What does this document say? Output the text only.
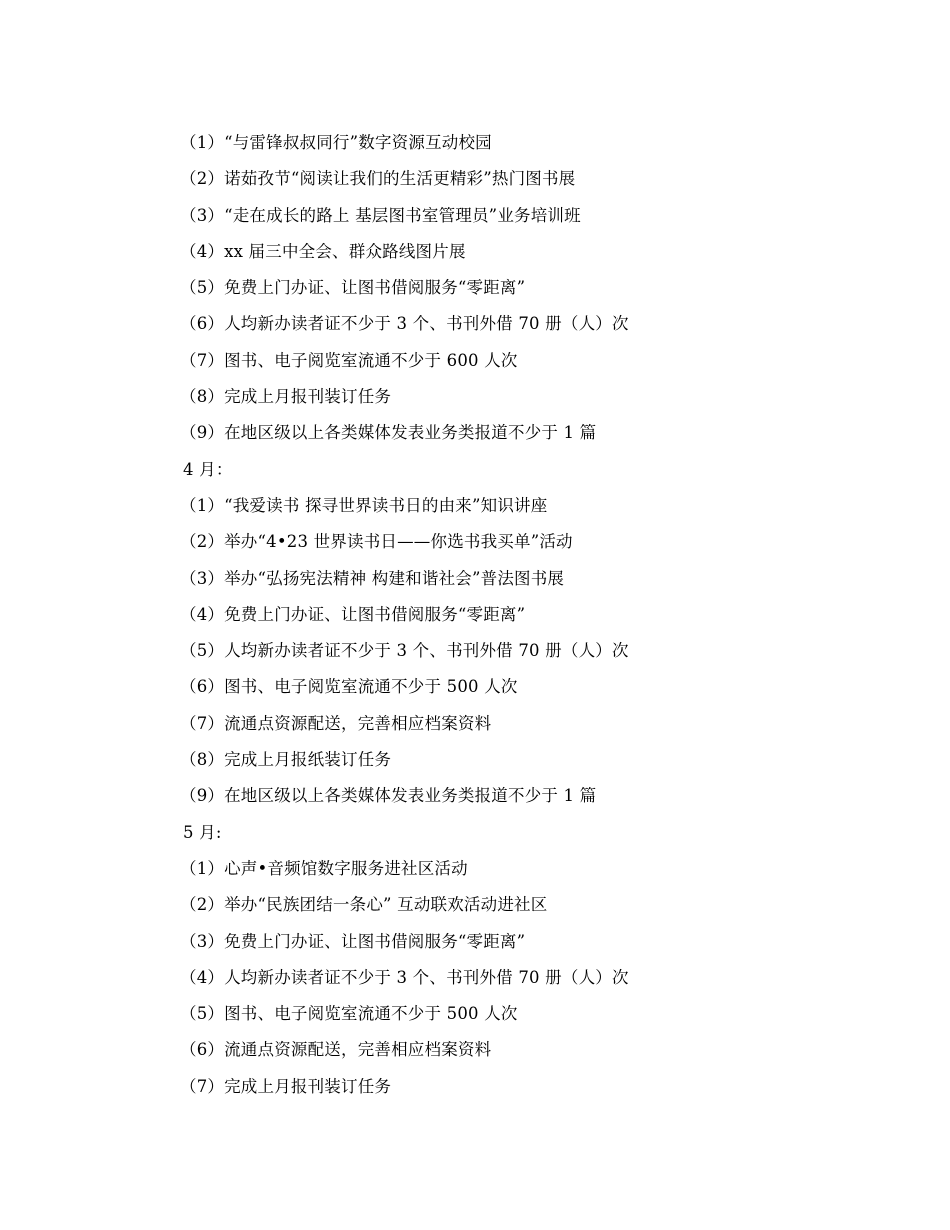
（1）“与雷锋叔叔同行”数字资源互动校园
（2）诺茹孜节“阅读让我们的生活更精彩”热门图书展
（3）“走在成长的路上 基层图书室管理员”业务培训班
（4）xx 届三中全会、群众路线图片展
（5）免费上门办证、让图书借阅服务“零距离”
（6）人均新办读者证不少于 3 个、书刊外借 70 册（人）次
（7）图书、电子阅览室流通不少于 600 人次
（8）完成上月报刊装订任务
（9）在地区级以上各类媒体发表业务类报道不少于 1 篇
4 月：
（1）“我爱读书 探寻世界读书日的由来”知识讲座
（2）举办“4•23 世界读书日——你选书我买单”活动
（3）举办“弘扬宪法精神 构建和谐社会”普法图书展
（4）免费上门办证、让图书借阅服务“零距离”
（5）人均新办读者证不少于 3 个、书刊外借 70 册（人）次
（6）图书、电子阅览室流通不少于 500 人次
（7）流通点资源配送，完善相应档案资料
（8）完成上月报纸装订任务
（9）在地区级以上各类媒体发表业务类报道不少于 1 篇
5 月:
（1）心声•音频馆数字服务进社区活动
（2）举办“民族团结一条心” 互动联欢活动进社区
（3）免费上门办证、让图书借阅服务“零距离”
（4）人均新办读者证不少于 3 个、书刊外借 70 册（人）次
（5）图书、电子阅览室流通不少于 500 人次
（6）流通点资源配送，完善相应档案资料
（7）完成上月报刊装订任务
